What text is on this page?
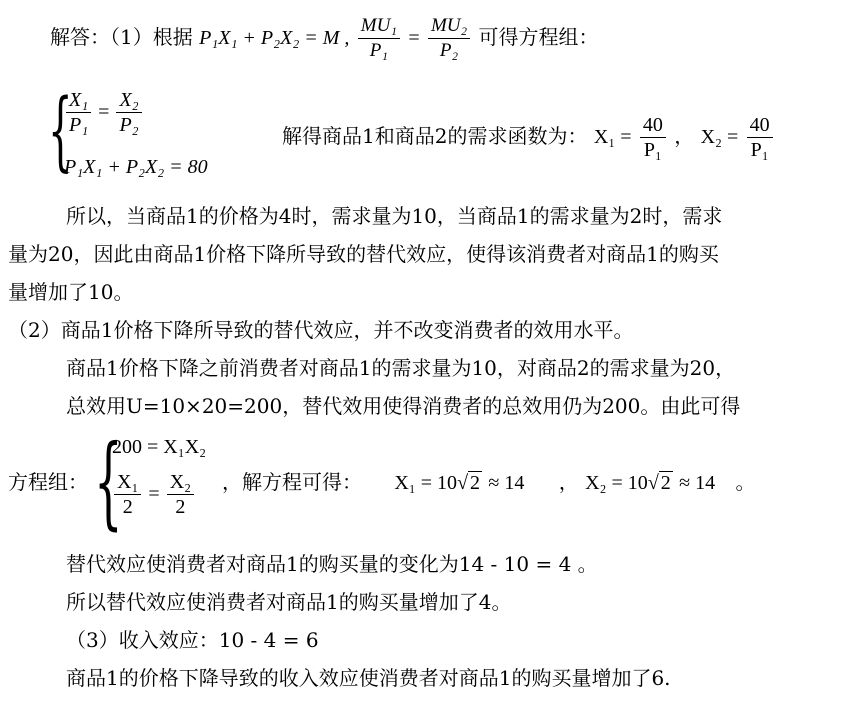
解答：（1）根据 P₁X₁ + P₂X₂ = M , $\frac{\text{MU₁}}{\text{P₁}} = \frac{\text{MU₂}}{\text{P₂}}$ 可得方程组：
{
$\frac{\text{X₁}}{\text{P₁}} = \frac{\text{X₂}}{\text{P₂}}$
P₁X₁ + P₂X₂ = 80
解得商品1和商品2的需求函数为： $X_1 = \frac{40}{\text{P₁}}$ ， $X_2 = \frac{40}{\text{P₁}}$
所以，当商品1的价格为4时，需求量为10，当商品1的需求量为2时，需求
量为20，因此由商品1价格下降所导致的替代效应，使得该消费者对商品1的购买
量增加了10。
（2）商品1价格下降所导致的替代效应，并不改变消费者的效用水平。
商品1价格下降之前消费者对商品1的需求量为10，对商品2的需求量为20，
总效用U=10×20=200，替代效用使得消费者的总效用仍为200。由此可得
方程组： {
200 = X₁X₂
$\frac{\text{X₁}}{2} = \frac{\text{X₂}}{2}$ ，解方程可得： X₁ = 10√ 2 ≈ 14 ， X₂ = 10√ 2 ≈ 14 。
替代效应使消费者对商品1的购买量的变化为14 - 10 = 4 。
所以替代效应使消费者对商品1的购买量增加了4。
（3）收入效应：10 - 4 = 6
商品1的价格下降导致的收入效应使消费者对商品1的购买量增加了6.
